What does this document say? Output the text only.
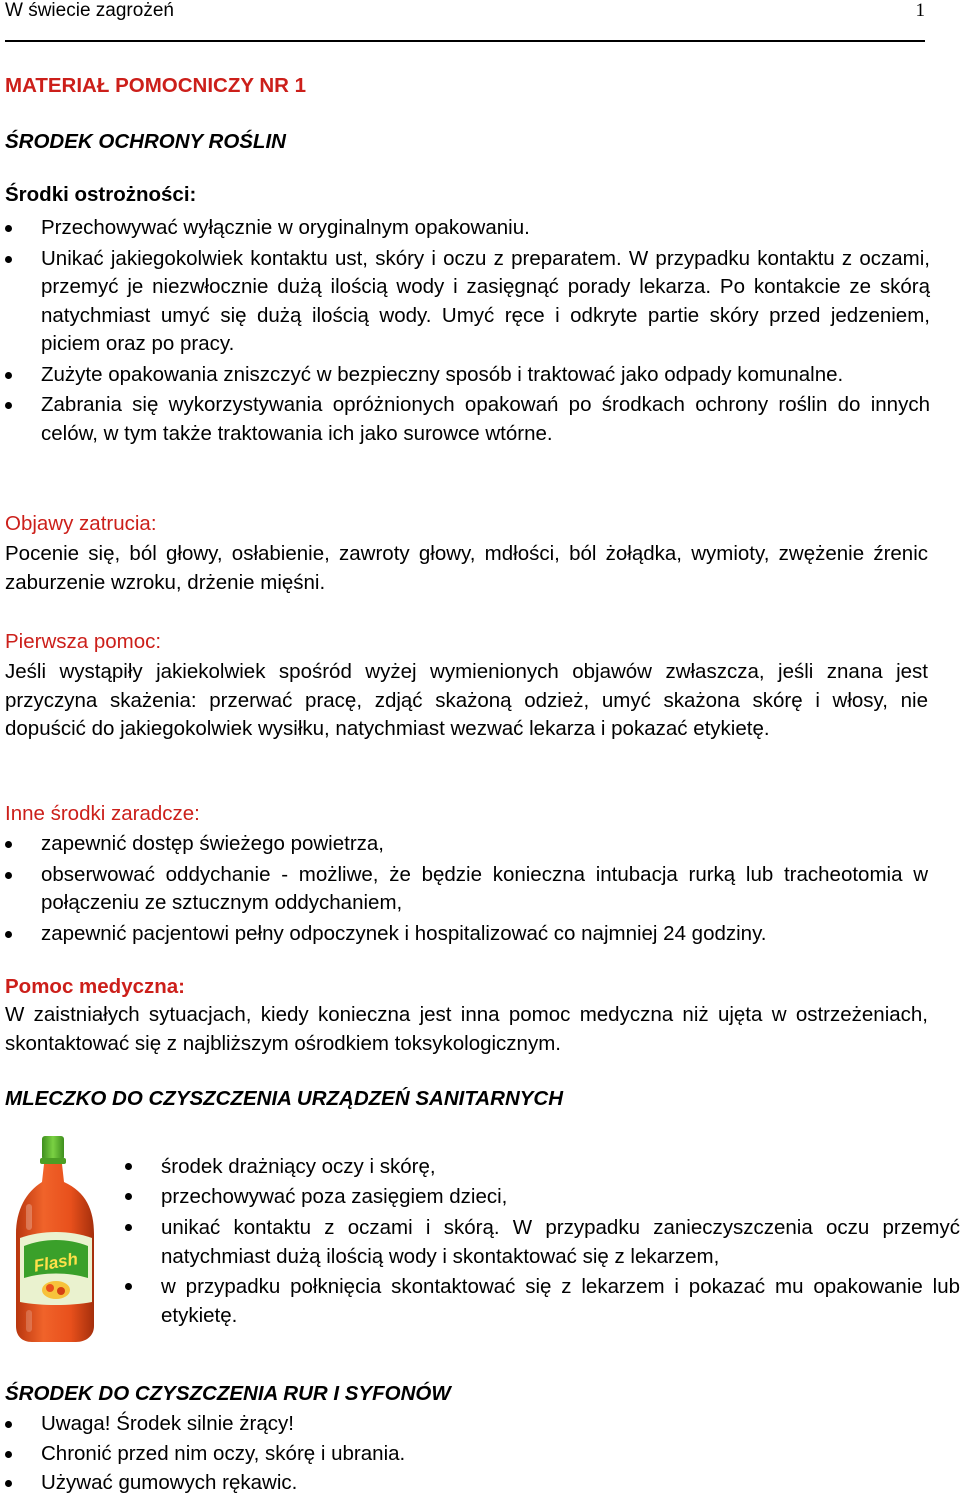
W świecie zagrożeń	1
MATERIAŁ POMOCNICZY NR 1
ŚRODEK OCHRONY ROŚLIN
Środki ostrożności:
Przechowywać wyłącznie w oryginalnym opakowaniu.
Unikać jakiegokolwiek kontaktu ust, skóry i oczu z preparatem. W przypadku kontaktu z oczami, przemyć je niezwłocznie dużą ilością wody i zasięgnąć porady lekarza. Po kontakcie ze skórą natychmiast umyć się dużą ilością wody. Umyć ręce i odkryte partie skóry przed jedzeniem, piciem oraz po pracy.
Zużyte opakowania zniszczyć w bezpieczny sposób i traktować jako odpady komunalne.
Zabrania się wykorzystywania opróżnionych opakowań po środkach ochrony roślin do innych celów, w tym także traktowania ich jako surowce wtórne.
Objawy zatrucia:
Pocenie się, ból głowy, osłabienie, zawroty głowy, mdłości, ból żołądka, wymioty, zwężenie źrenic zaburzenie wzroku, drżenie mięśni.
Pierwsza pomoc:
Jeśli wystąpiły jakiekolwiek spośród wyżej wymienionych objawów zwłaszcza, jeśli znana jest przyczyna skażenia: przerwać pracę, zdjąć skażoną odzież, umyć skażona skórę i włosy, nie dopuścić do jakiegokolwiek wysiłku, natychmiast wezwać lekarza i pokazać etykietę.
Inne środki zaradcze:
zapewnić dostęp świeżego powietrza,
obserwować oddychanie - możliwe, że będzie konieczna intubacja rurką lub tracheotomia w połączeniu ze sztucznym oddychaniem,
zapewnić pacjentowi pełny odpoczynek i hospitalizować co najmniej 24 godziny.
Pomoc medyczna:
W zaistniałych sytuacjach, kiedy konieczna jest inna pomoc medyczna niż ujęta w ostrzeżeniach, skontaktować się z najbliższym ośrodkiem toksykologicznym.
MLECZKO DO CZYSZCZENIA URZĄDZEŃ SANITARNYCH
Flash
środek drażniący oczy i skórę,
przechowywać poza zasięgiem dzieci,
unikać kontaktu z oczami i skórą. W przypadku zanieczyszczenia oczu przemyć natychmiast dużą ilością wody i skontaktować się z lekarzem,
w przypadku połknięcia skontaktować się z lekarzem i pokazać mu opakowanie lub etykietę.
ŚRODEK DO CZYSZCZENIA RUR I SYFONÓW
Uwaga! Środek silnie żrący!
Chronić przed nim oczy, skórę i ubrania.
Używać gumowych rękawic.
